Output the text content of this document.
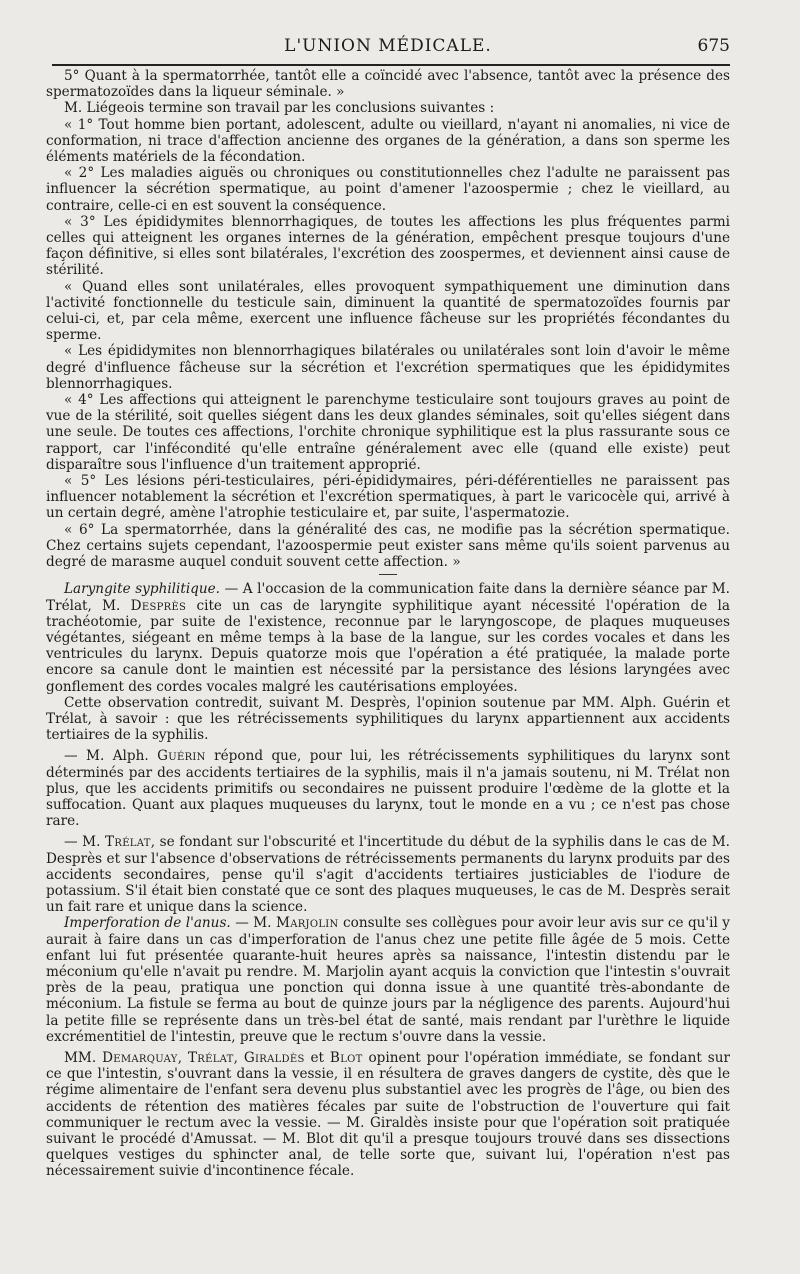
L'UNION MÉDICALE.	675

5° Quant à la spermatorrhée, tantôt elle a coïncidé avec l'absence, tantôt avec la présence des spermatozoïdes dans la liqueur séminale. »

M. Liégeois termine son travail par les conclusions suivantes :

« 1° Tout homme bien portant, adolescent, adulte ou vieillard, n'ayant ni anomalies, ni vice de conformation, ni trace d'affection ancienne des organes de la génération, a dans son sperme les éléments matériels de la fécondation.

« 2° Les maladies aiguës ou chroniques ou constitutionnelles chez l'adulte ne paraissent pas influencer la sécrétion spermatique, au point d'amener l'azoospermie ; chez le vieillard, au contraire, celle-ci en est souvent la conséquence.

« 3° Les épididymites blennorrhagiques, de toutes les affections les plus fréquentes parmi celles qui atteignent les organes internes de la génération, empêchent presque toujours d'une façon définitive, si elles sont bilatérales, l'excrétion des zoospermes, et deviennent ainsi cause de stérilité.

« Quand elles sont unilatérales, elles provoquent sympathiquement une diminution dans l'activité fonctionnelle du testicule sain, diminuent la quantité de spermatozoïdes fournis par celui-ci, et, par cela même, exercent une influence fâcheuse sur les propriétés fécondantes du sperme.

« Les épididymites non blennorrhagiques bilatérales ou unilatérales sont loin d'avoir le même degré d'influence fâcheuse sur la sécrétion et l'excrétion spermatiques que les épididymites blennorrhagiques.

« 4° Les affections qui atteignent le parenchyme testiculaire sont toujours graves au point de vue de la stérilité, soit quelles siégent dans les deux glandes séminales, soit qu'elles siégent dans une seule. De toutes ces affections, l'orchite chronique syphilitique est la plus rassurante sous ce rapport, car l'infécondité qu'elle entraîne généralement avec elle (quand elle existe) peut disparaître sous l'influence d'un traitement approprié.

« 5° Les lésions péri-testiculaires, péri-épididymaires, péri-déférentielles ne paraissent pas influencer notablement la sécrétion et l'excrétion spermatiques, à part le varicocèle qui, arrivé à un certain degré, amène l'atrophie testiculaire et, par suite, l'aspermatozie.

« 6° La spermatorrhée, dans la généralité des cas, ne modifie pas la sécrétion spermatique. Chez certains sujets cependant, l'azoospermie peut exister sans même qu'ils soient parvenus au degré de marasme auquel conduit souvent cette affection. »

Laryngite syphilitique. — A l'occasion de la communication faite dans la dernière séance par M. Trélat, M. Desprès cite un cas de laryngite syphilitique ayant nécessité l'opération de la trachéotomie, par suite de l'existence, reconnue par le laryngoscope, de plaques muqueuses végétantes, siégeant en même temps à la base de la langue, sur les cordes vocales et dans les ventricules du larynx. Depuis quatorze mois que l'opération a été pratiquée, la malade porte encore sa canule dont le maintien est nécessité par la persistance des lésions laryngées avec gonflement des cordes vocales malgré les cautérisations employées.

Cette observation contredit, suivant M. Desprès, l'opinion soutenue par MM. Alph. Guérin et Trélat, à savoir : que les rétrécissements syphilitiques du larynx appartiennent aux accidents tertiaires de la syphilis.

— M. Alph. Guérin répond que, pour lui, les rétrécissements syphilitiques du larynx sont déterminés par des accidents tertiaires de la syphilis, mais il n'a jamais soutenu, ni M. Trélat non plus, que les accidents primitifs ou secondaires ne puissent produire l'œdème de la glotte et la suffocation. Quant aux plaques muqueuses du larynx, tout le monde en a vu ; ce n'est pas chose rare.

— M. Trélat, se fondant sur l'obscurité et l'incertitude du début de la syphilis dans le cas de M. Desprès et sur l'absence d'observations de rétrécissements permanents du larynx produits par des accidents secondaires, pense qu'il s'agit d'accidents tertiaires justiciables de l'iodure de potassium. S'il était bien constaté que ce sont des plaques muqueuses, le cas de M. Desprès serait un fait rare et unique dans la science.

Imperforation de l'anus. — M. Marjolin consulte ses collègues pour avoir leur avis sur ce qu'il y aurait à faire dans un cas d'imperforation de l'anus chez une petite fille âgée de 5 mois. Cette enfant lui fut présentée quarante-huit heures après sa naissance, l'intestin distendu par le méconium qu'elle n'avait pu rendre. M. Marjolin ayant acquis la conviction que l'intestin s'ouvrait près de la peau, pratiqua une ponction qui donna issue à une quantité très-abondante de méconium. La fistule se ferma au bout de quinze jours par la négligence des parents. Aujourd'hui la petite fille se représente dans un très-bel état de santé, mais rendant par l'urèthre le liquide excrémentitiel de l'intestin, preuve que le rectum s'ouvre dans la vessie.

MM. Demarquay, Trélat, Giraldès et Blot opinent pour l'opération immédiate, se fondant sur ce que l'intestin, s'ouvrant dans la vessie, il en résultera de graves dangers de cystite, dès que le régime alimentaire de l'enfant sera devenu plus substantiel avec les progrès de l'âge, ou bien des accidents de rétention des matières fécales par suite de l'obstruction de l'ouverture qui fait communiquer le rectum avec la vessie. — M. Giraldès insiste pour que l'opération soit pratiquée suivant le procédé d'Amussat. — M. Blot dit qu'il a presque toujours trouvé dans ses dissections quelques vestiges du sphincter anal, de telle sorte que, suivant lui, l'opération n'est pas nécessairement suivie d'incontinence fécale.
